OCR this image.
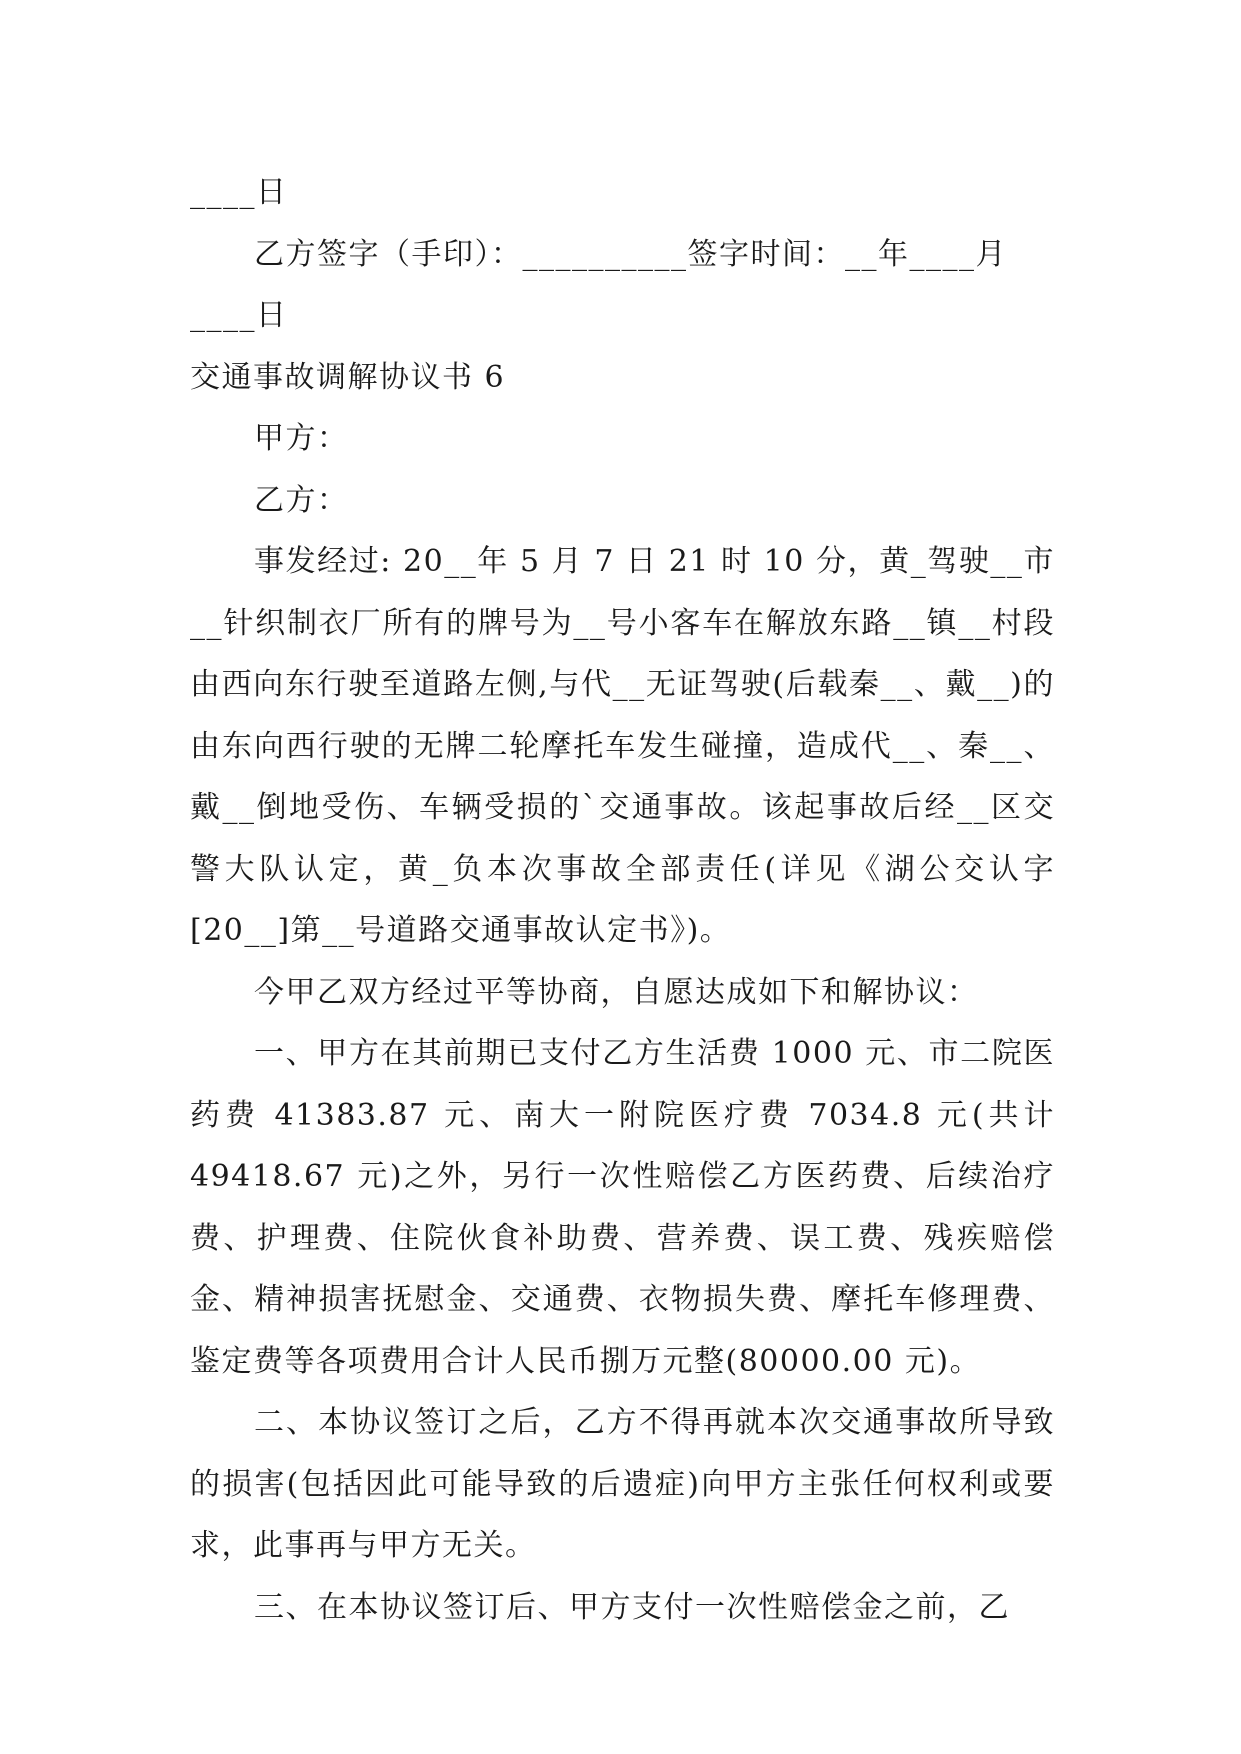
____日

乙方签字（手印）：__________签字时间：__年____月

____日

交通事故调解协议书 6

甲方：

乙方：

事发经过: 20__年 5 月 7 日 21 时 10 分，黄_驾驶__市__针织制衣厂所有的牌号为__号小客车在解放东路__镇__村段由西向东行驶至道路左侧,与代__无证驾驶(后载秦__、戴__)的由东向西行驶的无牌二轮摩托车发生碰撞，造成代__、秦__、戴__倒地受伤、车辆受损的`交通事故。该起事故后经__区交警大队认定，黄_负本次事故全部责任(详见《湖公交认字[20__]第__号道路交通事故认定书》)。

今甲乙双方经过平等协商，自愿达成如下和解协议：

一、甲方在其前期已支付乙方生活费 1000 元、市二院医药费 41383.87 元、南大一附院医疗费 7034.8 元(共计 49418.67 元)之外，另行一次性赔偿乙方医药费、后续治疗费、护理费、住院伙食补助费、营养费、误工费、残疾赔偿金、精神损害抚慰金、交通费、衣物损失费、摩托车修理费、鉴定费等各项费用合计人民币捌万元整(80000.00 元)。

二、本协议签订之后，乙方不得再就本次交通事故所导致的损害(包括因此可能导致的后遗症)向甲方主张任何权利或要求，此事再与甲方无关。

三、在本协议签订后、甲方支付一次性赔偿金之前，乙
